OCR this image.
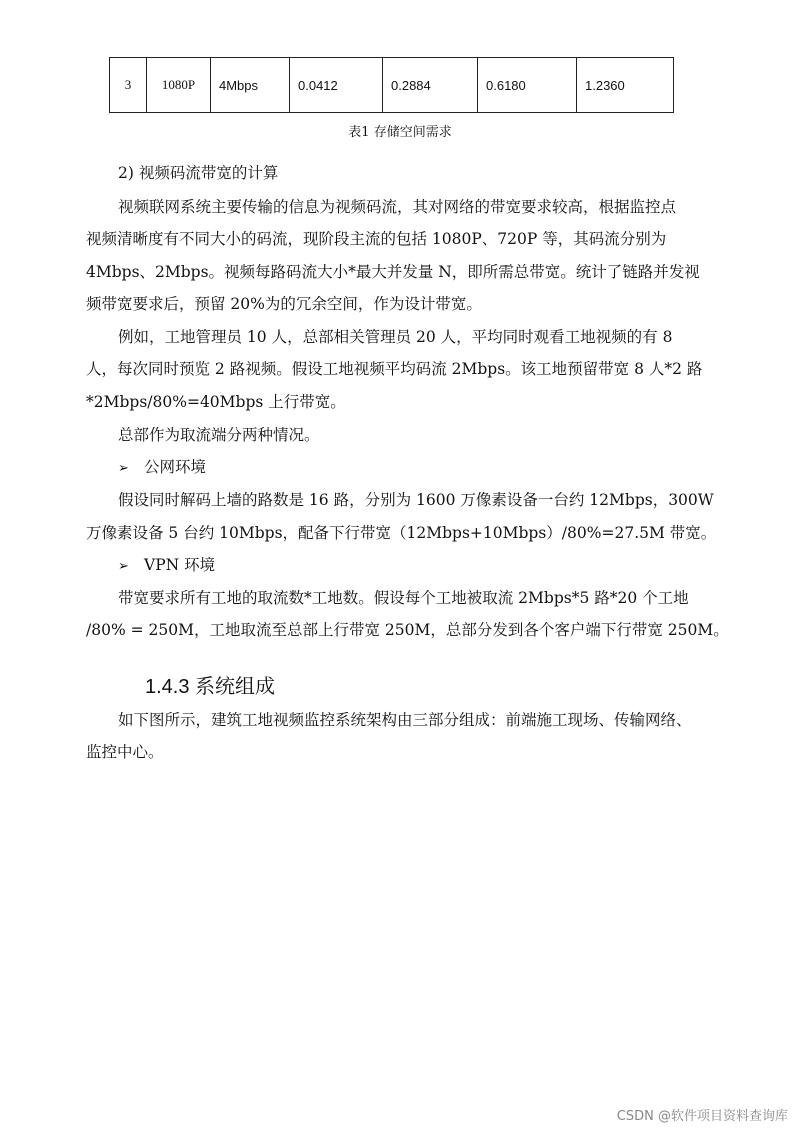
3	1080P	4Mbps	0.0412	0.2884	0.6180	1.2360
表1 存储空间需求
2) 视频码流带宽的计算
视频联网系统主要传输的信息为视频码流，其对网络的带宽要求较高，根据监控点
视频清晰度有不同大小的码流，现阶段主流的包括 1080P、720P 等，其码流分别为
4Mbps、2Mbps。视频每路码流大小*最大并发量 N，即所需总带宽。统计了链路并发视
频带宽要求后，预留 20%为的冗余空间，作为设计带宽。
例如，工地管理员 10 人，总部相关管理员 20 人，平均同时观看工地视频的有 8
人，每次同时预览 2 路视频。假设工地视频平均码流 2Mbps。该工地预留带宽 8 人*2 路
*2Mbps/80%=40Mbps 上行带宽。
总部作为取流端分两种情况。
➢ 公网环境
假设同时解码上墙的路数是 16 路，分别为 1600 万像素设备一台约 12Mbps，300W
万像素设备 5 台约 10Mbps，配备下行带宽（12Mbps+10Mbps）/80%=27.5M 带宽。
➢ VPN 环境
带宽要求所有工地的取流数*工地数。假设每个工地被取流 2Mbps*5 路*20 个工地
/80% = 250M，工地取流至总部上行带宽 250M，总部分发到各个客户端下行带宽 250M。
1.4.3 系统组成
如下图所示，建筑工地视频监控系统架构由三部分组成：前端施工现场、传输网络、
监控中心。
CSDN @软件项目资料查询库
